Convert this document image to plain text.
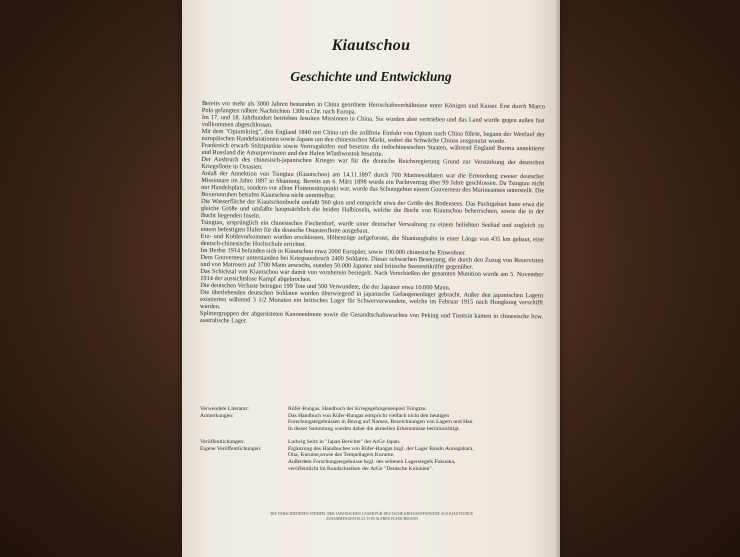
Kiautschou
Geschichte und Entwicklung

Bereits vor mehr als 3000 Jahren bestanden in China geordnete Herrschaftsverhältnisse unter Königen und Kaiser. Erst durch Marco Polo gelangten nähere Nachrichten 1300 n.Chr. nach Europa.

Im 17. und 18. Jahrhundert betrieben Jesuiten Missionen in China. Sie wurden aber vertrieben und das Land wurde gegen außen fast vollkommen abgeschlossen.

Mit dem "Opiumkrieg", den England 1840 mit China um die zollfreie Einfuhr von Opium nach China führte, begann der Wettlauf der europäischen Handelsnationen sowie Japans um den chinesischen Markt, wobei die Schwäche Chinas ausgenutzt wurde.

Frankreich erwarb Stützpunkte sowie Vertragshäfen und besetzte die indochinesischen Staaten, während England Burma annektierte und Russland die Amurprovinzen und den Hafen Wladiwostok besetzte.

Der Ausbruch des chinesisch-japanischen Krieges war für die deutsche Reichsregierung Grund zur Verstärkung der deutschen Kriegsflotte in Ostasien.

Anlaß der Annektion von Tsingtau (Kiautschou) am 14.11.1897 durch 700 Marinesoldaten war die Ermordung zweier deutscher Missionare im Jahre 1897 in Shantung. Bereits am 6. März 1898 wurde ein Pachtvertrag über 99 Jahre geschlossen. Da Tsingtau nicht nur Handelsplatz, sondern vor allem Flottenstützpunkt war, wurde das Schutzgebiet einem Gouverneur des Marineamtes unterstellt. Die Boxerunruhen betrafen Kiautschou nicht unmittelbar.

Die Wasserfläche der Kiautschoubucht umfaßt 560 qkm und entspricht etwa der Größe des Bodensees. Das Pachtgebiet hatte etwa die gleiche Größe und umfaßte hauptsächlich die beiden Halbinseln, welche die Bucht von Kiautschou beherrschten, sowie die in der Bucht liegenden Inseln.

Tsingtau, ursprünglich ein chinesisches Fischerdorf, wurde unter deutscher Verwaltung zu einem beliebten Seebad und zugleich zu einem befestigten Hafen für die deutsche Ostasienflotte ausgebaut.

Erz- und Kohlevorkommen wurden erschlossen, Höhenzüge aufgeforstet, die Shantungbahn in einer Länge von 435 km gebaut, eine deutsch-chinesische Hochschule errichtet.

Im Herbst 1914 befanden sich in Kiautschou etwa 2000 Europäer, sowie 190.000 chinesische Einwohner.

Dem Gouverneur unterstanden bei Kriegsausbruch 2400 Soldaten. Dieser schwachen Besetzung, die durch den Zuzug von Reservisten und von Matrosen auf 3700 Mann anwuchs, standen 50.000 Japaner und britische Seestreitkräfte gegenüber.

Das Schicksal von Kiautschou war damit von vornherein besiegelt. Nach Verschießen der gesamten Munition wurde am 5. November 1914 der aussichtslose Kampf abgebrochen.

Die deutschen Verluste betrugen 199 Tote und 500 Verwundete, die der Japaner etwa 10.000 Mann.

Die überlebenden deutschen Soldaten wurden überwiegend in japanische Gefangenenlager gebracht. Außer den japanischen Lagern existierten während 3 1/2 Monaten ein britisches Lager für Schwerverwundete, welche im Februar 1915 nach Hongkong verschifft wurden.

Splittergruppen der abgerüsteten Kanonenboote sowie die Gesandtschaftswachen von Peking und Tientsin kamen in chinesische bzw. australische Lager.

Verwendete Literatur:	Rüfer-Rungas, Handbuch der Kriegsgefangenenpost Tsingtau.
Anmerkungen:	Das Handbuch von Rüfer-Rungas entspricht vielfach nicht den heutigen
Forschungsergebnissen in Bezug auf Namen, Bezeichnungen von Lagern und Han.
In dieser Sammlung wurden daher die aktuellen Erkenntnisse berücksichtigt.
Veröffentlichungen:	Ludwig Seitz in "Japan Berichte" der ArGe Japan.
Eigene Veröffentlichungen:	Ergänzung des Handbuches von Rüfer-Rungas bzgl. der Lager Bando Aonogahara,
Oita, Kurume,sowie des Tempellagers Kurume.
Außerdem Forschungsergebnisse bzgl. des seltenen Lagersiegels Fukuoka,
veröffentlicht im Rundschreiben der ArGe "Deutsche Kolonien".
DIE VERSCHIEDENEN STEMPEL DER JAPANISCHEN LAGER FÜR DEUTSCHE KRIEGSGEFANGENE AUS KIAUTSCHOU
ZUSAMMENGESTELLT VON ALFRED FLEISCHMANN
